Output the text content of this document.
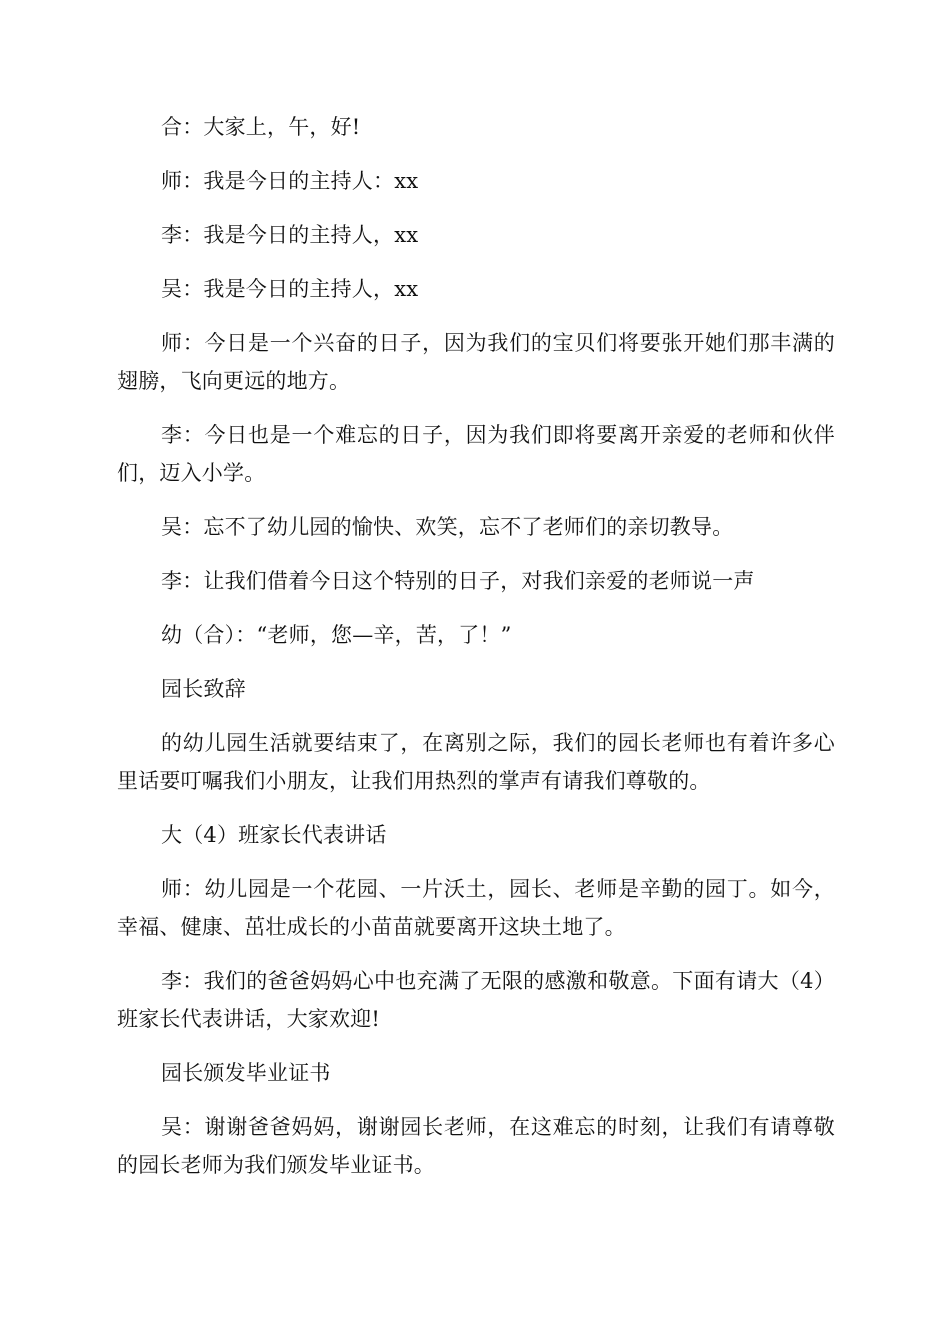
合：大家上，午，好!

师：我是今日的主持人：xx

李：我是今日的主持人，xx

吴：我是今日的主持人，xx

师：今日是一个兴奋的日子，因为我们的宝贝们将要张开她们那丰满的翅膀，飞向更远的地方。

李：今日也是一个难忘的日子，因为我们即将要离开亲爱的老师和伙伴们，迈入小学。

吴：忘不了幼儿园的愉快、欢笑，忘不了老师们的亲切教导。

李：让我们借着今日这个特别的日子，对我们亲爱的老师说一声

幼（合）：“老师，您—辛，苦，了！”

园长致辞

的幼儿园生活就要结束了，在离别之际，我们的园长老师也有着许多心里话要叮嘱我们小朋友，让我们用热烈的掌声有请我们尊敬的。

大（4）班家长代表讲话

师：幼儿园是一个花园、一片沃土，园长、老师是辛勤的园丁。如今，幸福、健康、茁壮成长的小苗苗就要离开这块土地了。

李：我们的爸爸妈妈心中也充满了无限的感激和敬意。下面有请大（4）班家长代表讲话，大家欢迎!

园长颁发毕业证书

吴：谢谢爸爸妈妈，谢谢园长老师，在这难忘的时刻，让我们有请尊敬的园长老师为我们颁发毕业证书。
